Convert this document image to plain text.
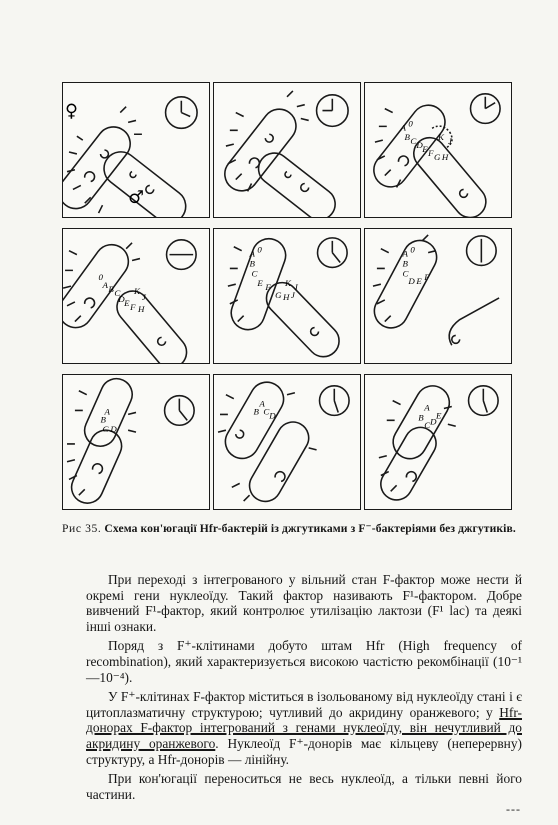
♀
♂
A 0
B C D E F G H
K J
0
A B C
D E F H
K
J
A 0
B
C
E F K
G H J
I
A 0
B
C
D E F
A
B
C D
A
B C D
A
B
C D
E
Рис 35. Схема кон'югації Hfr-бактерій із джгутиками з F⁻-бактеріями без джгутиків.

При переході з інтегрованого у вільний стан F-фактор може нести й окремі гени нуклеоїду. Такий фактор називають F¹-фактором. Добре вивчений F¹-фактор, який контролює утилізацію лактози (F¹ lac) та деякі інші ознаки.

Поряд з F⁺-клітинами добуто штам Hfr (High frequency of recombination), який характеризується високою частістю рекомбінації (10⁻¹—10⁻⁴).

У F⁺-клітинах F-фактор міститься в ізольованому від нуклеоїду стані і є цитоплазматичну структурою; чутливий до акридину оранжевого; у Hfr-донорах F-фактор інтегрований з генами нуклеоїду, він нечутливий до акридину оранжевого. Нуклеоїд F⁺-донорів має кільцеву (неперервну) структуру, а Hfr-донорів — лінійну.

При кон'югації переноситься не весь нуклеоїд, а тільки певні його частини.

---
